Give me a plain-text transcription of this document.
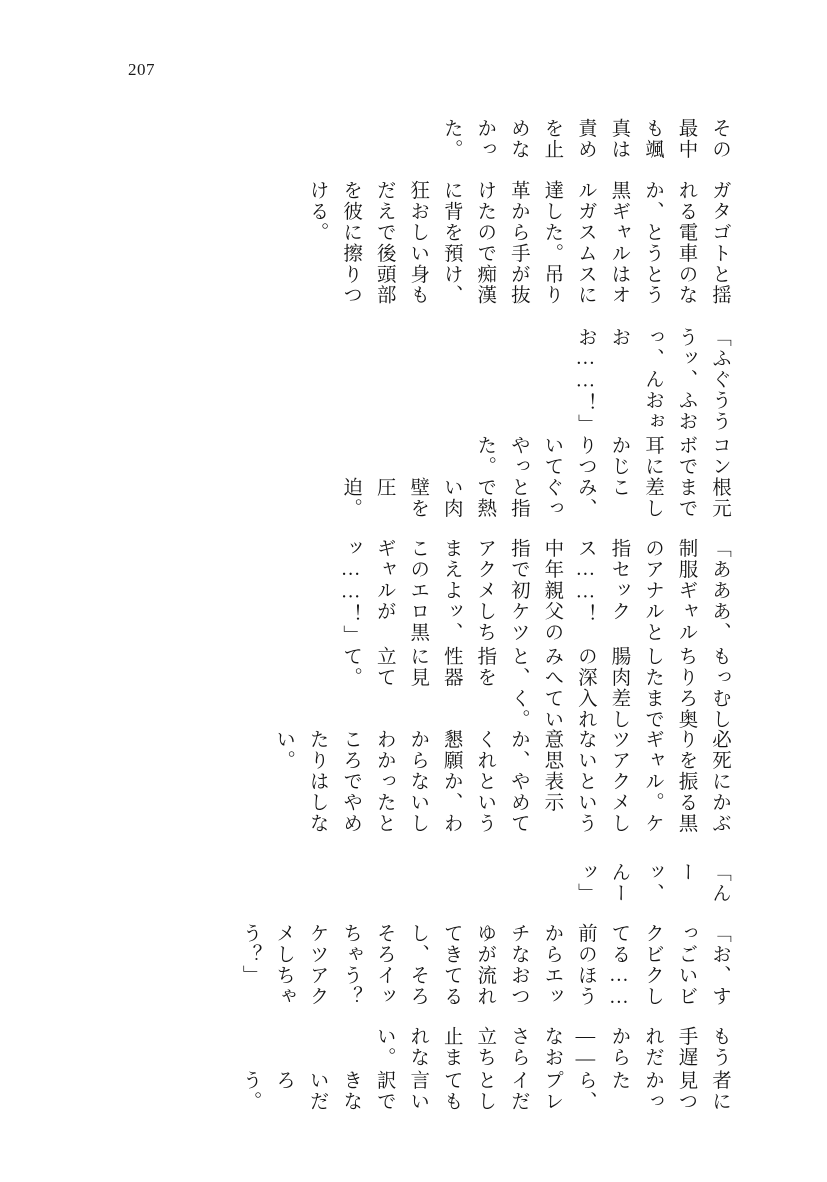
207

者に見つかったら、プレイだとしても言い訳できないだろう。

もう手遅れだから——なおさら立ち止まれない。

「お、すっごいビクビクしてる……前のほうからエッチなおつゆが流れてきてるし、そろそろイッちゃう？　ケツアクメしちゃう？」

「んーッ、んーッ」

必死にかぶりを振る黒ギャル。ケツアクメしないという意思表示か、やめてくれという懇願か、わからないしわかったところでやめたりはしない。

むしろ奥まで差し入れていく。

もっちりした腸肉の深みへと、指を性器に見立てて。

「あああ、制服ギャルのアナルと指セックス……！　中年親父の指で初ケツアクメしちまえよッ、このエロ黒ギャルがッ……！」

根元まで差しこみ、ぐっと指で熱い肉壁を圧迫。

コンボで耳にかじりついてやった。

「ふぐうううッ、ふおっ、んおぉおお……！」

ガタゴトと揺れる電車のなか、とうとう黒ギャルはオルガスムスに達した。吊り革から手が抜けたので痴漢に背を預け、狂おしい身もだえで後頭部を彼に擦りつける。

その最中も颯真は責めを止めなかった。
